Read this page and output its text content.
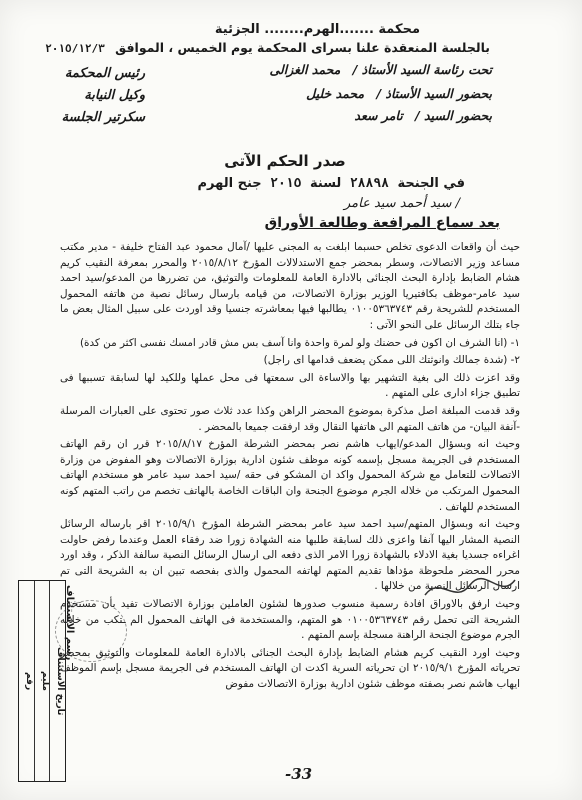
محكمة .......الهرم........ الجزئية
بالجلسة المنعقدة علنا بسراى المحكمة يوم الخميس ، الموافق ٢٠١٥/١٢/٣
تحت رئاسة السيد الأستاذ / محمد الغزالى
رئيس المحكمة
بحضور السيد الأستاذ / محمد خليل
وكيل النيابة
بحضور السيد / تامر سعد
سكرتير الجلسة
صدر الحكم الآتى
في الجنحة ٢٨٨٩٨ لسنة ٢٠١٥ جنح الهرم
/ سيد أحمد سيد عامر
بعد سماع المرافعة وطالعة الأوراق

حيث أن واقعات الدعوى تخلص حسبما ابلغت به المجنى عليها /آمال محمود عبد الفتاح خليفة - مدير مكتب مساعد وزير الاتصالات، وسطر بمحضر جمع الاستدلالات المؤرخ ٢٠١٥/٨/١٢ والمحرر بمعرفة النقيب كريم هشام الضابط بإدارة البحث الجنائى بالادارة العامة للمعلومات والتوثيق، من تضررها من المدعو/سيد احمد سيد عامر-موظف بكافتيريا الوزير بوزارة الاتصالات، من قيامه بارسال رسائل نصية من هاتفه المحمول المستخدم للشريحة رقم ٠١٠٠٥٣٦٣٧٤٣ يطالبها فيها بمعاشرته جنسيا وقد اوردت على سبيل المثال بعض ما جاء بتلك الرسائل على النحو الآتى :

١- (انا الشرف ان اكون فى حضنك ولو لمرة واحدة وانا آسف بس مش قادر امسك نفسى اكثر من كدة)

٢- (شدة جمالك وانوثتك اللى ممكن يضعف قدامها اى راجل)

وقد اعزت ذلك الى بغية التشهير بها والاساءة الى سمعتها فى محل عملها وللكيد لها لسابقة تسببها فى تطبيق جزاء ادارى على المتهم .

وقد قدمت المبلغة اصل مذكرة بموضوع المحضر الراهن وكذا عدد ثلاث صور تحتوى على العبارات المرسلة -آنفة البيان- من هاتف المتهم الى هاتفها النقال وقد ارفقت جميعا بالمحضر .

وحيث انه وبسؤال المدعو/ايهاب هاشم نصر بمحضر الشرطة المؤرخ ٢٠١٥/٨/١٧ قرر ان رقم الهاتف المستخدم فى الجريمة مسجل بإسمه كونه موظف شئون ادارية بوزارة الاتصالات وهو المفوض من وزارة الاتصالات للتعامل مع شركة المحمول واكد ان المشكو فى حقه /سيد احمد سيد عامر هو مستخدم الهاتف المحمول المرتكب من خلاله الجرم موضوع الجنحة وان الباقات الخاصة بالهاتف تخصم من راتب المتهم كونه المستخدم للهاتف .

وحيث انه وبسؤال المتهم/سيد احمد سيد عامر بمحضر الشرطة المؤرخ ٢٠١٥/٩/١ اقر بارساله الرسائل النصية المشار اليها آنفا واعزى ذلك لسابقة طلبها منه الشهادة زورا ضد رفقاء العمل وعندما رفض حاولت اغراءه جسديا بغية الادلاء بالشهادة زورا الامر الذى دفعه الى ارسال الرسائل النصية سالفة الذكر ، وقد اورد محرر المحضر ملحوظة مؤداها تقديم المتهم لهاتفه المحمول والذى بفحصه تبين ان به الشريحة التى تم ارسال الرسائل النصية من خلالها .

وحيث ارفق بالاوراق افادة رسمية منسوب صدورها لشئون العاملين بوزارة الاتصالات تفيد بأن مستخدم الشريحة التى تحمل رقم ٠١٠٠٥٣٦٣٧٤٣ هو المتهم، والمستخدمة فى الهاتف المحمول الم ـتكب من خلاله الجرم موضوع الجنحة الراهنة مسجلة بإسم المتهم .

وحيث اورد النقيب كريم هشام الضابط بإدارة البحث الجنائى بالادارة العامة للمعلومات والتوثيق بمحضر تحرياته المؤرخ ٢٠١٥/٩/١ ان تحرياته السرية اكدت ان الهاتف المستخدم فى الجريمة مسجل بإسم الموظف ايهاب هاشم نصر بصفته موظف شئون ادارية بوزارة الاتصالات مفوض

رسم الاستئناف
رقم مليم تاريخ الاستئناف
-33
